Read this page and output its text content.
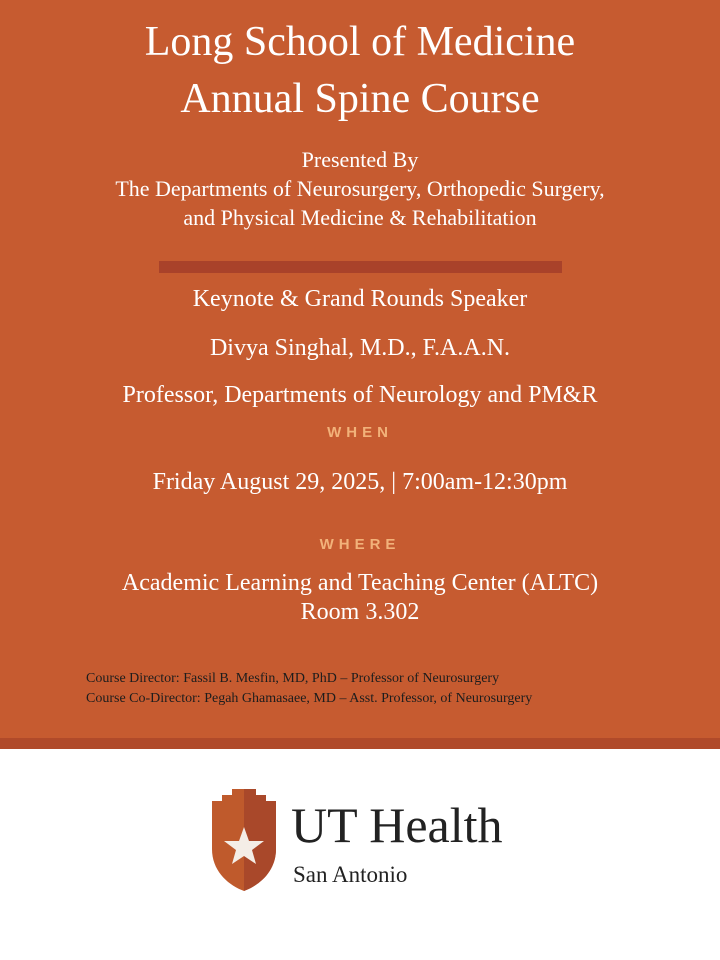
Long School of Medicine
Annual Spine Course
Presented By
The Departments of Neurosurgery, Orthopedic Surgery,
and Physical Medicine & Rehabilitation
Keynote & Grand Rounds Speaker
Divya Singhal, M.D., F.A.A.N.
Professor, Departments of Neurology and PM&R
WHEN
Friday August 29, 2025, | 7:00am-12:30pm
WHERE
Academic Learning and Teaching Center (ALTC)
Room 3.302
Course Director: Fassil B. Mesfin, MD, PhD – Professor of Neurosurgery
Course Co-Director: Pegah Ghamasaee, MD – Asst. Professor, of Neurosurgery
UT Health
San Antonio
